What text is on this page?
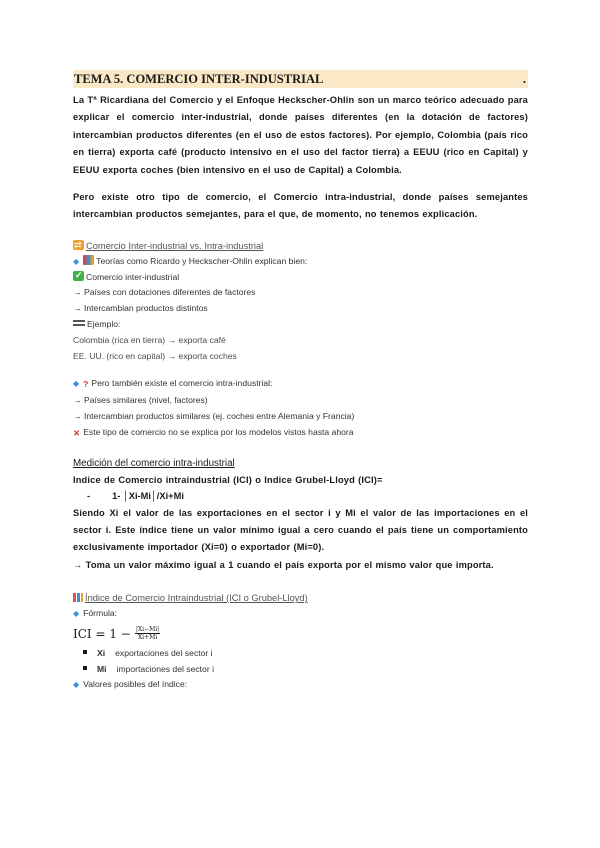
TEMA 5. COMERCIO INTER-INDUSTRIAL	.
La Tª Ricardiana del Comercio y el Enfoque Heckscher-Ohlin son un marco teórico adecuado para explicar el comercio inter-industrial, donde países diferentes (en la dotación de factores) intercambian productos diferentes (en el uso de estos factores). Por ejemplo, Colombia (país rico en tierra) exporta café (producto intensivo en el uso del factor tierra) a EEUU (rico en Capital) y EEUU exporta coches (bien intensivo en el uso de Capital) a Colombia.
Pero existe otro tipo de comercio, el Comercio intra-industrial, donde países semejantes intercambian productos semejantes, para el que, de momento, no tenemos explicación.
⇄Comercio Inter-industrial vs. Intra-industrial
◆ Teorías como Ricardo y Heckscher-Ohlin explican bien:
✓Comercio inter-industrial
→ Países con dotaciones diferentes de factores
→ Intercambian productos distintos
Ejemplo:
Colombia (rica en tierra) → exporta café
EE. UU. (rico en capital) → exporta coches
◆ ? Pero también existe el comercio intra-industrial:
→ Países similares (nivel, factores)
→ Intercambian productos similares (ej. coches entre Alemania y Francia)
✕ Este tipo de comercio no se explica por los modelos vistos hasta ahora
Medición del comercio intra-industrial
Indice de Comercio intraindustrial (ICI) o Indice Grubel-Lloyd (ICI)=
- 1- │Xi-Mi│/Xi+Mi
Siendo Xi el valor de las exportaciones en el sector i y Mi el valor de las importaciones en el sector i. Este índice tiene un valor mínimo igual a cero cuando el país tiene un comportamiento exclusivamente importador (Xi=0) o exportador (Mi=0).
→ Toma un valor máximo igual a 1 cuando el país exporta por el mismo valor que importa.
Índice de Comercio Intraindustrial (ICI o Grubel-Lloyd)
◆ Fórmula:
ICI = $1 - \frac{|Xi-Mi|}{Xi+Mi}$
Xi exportaciones del sector i
Mi importaciones del sector i
◆ Valores posibles del índice:
